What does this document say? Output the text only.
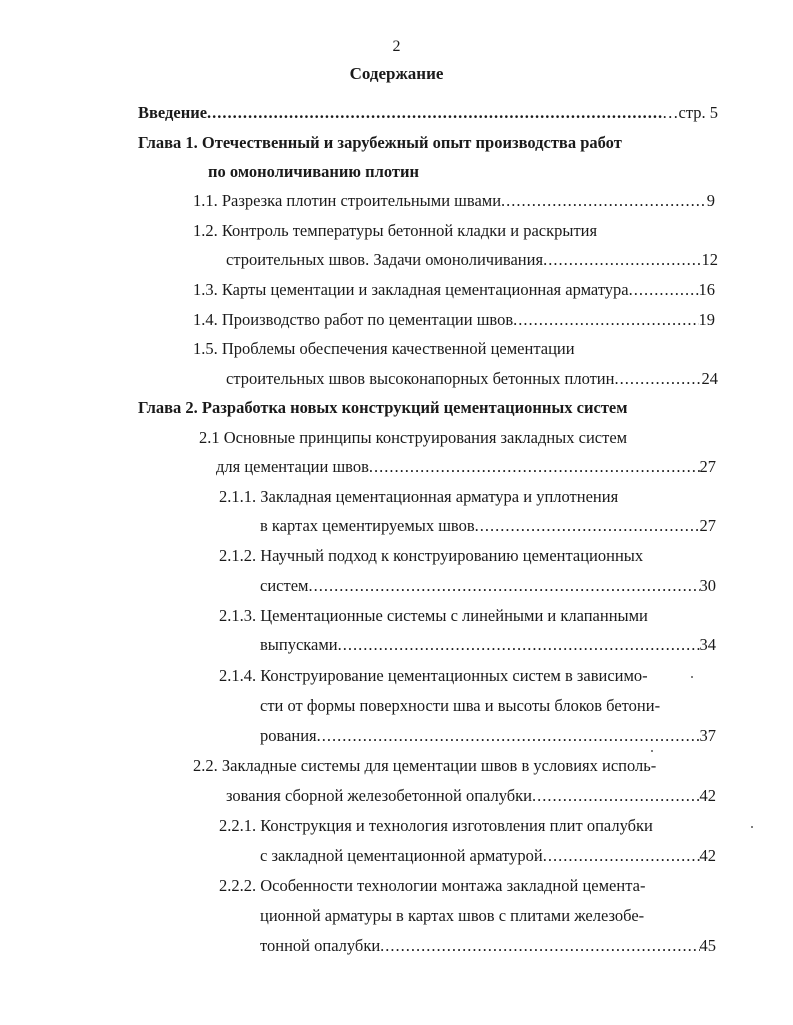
2
Содержание
Введение .....	…стр. 5
Глава 1. Отечественный и зарубежный опыт производства работ
по омоноличиванию плотин
1.1. Разрезка плотин строительными швами .....	9
1.2. Контроль температуры бетонной кладки и раскрытия
строительных швов. Задачи омоноличивания .....	12
1.3. Карты цементации и закладная цементационная арматура .....	16
1.4. Производство работ по цементации швов .....	19
1.5. Проблемы обеспечения качественной цементации
строительных швов высоконапорных бетонных плотин .....	24
Глава 2. Разработка новых конструкций цементационных систем
2.1 Основные принципы конструирования закладных систем
для цементации швов .....	27
2.1.1. Закладная цементационная арматура и уплотнения
в картах цементируемых швов .....	27
2.1.2. Научный подход к конструированию цементационных
систем .....	30
2.1.3. Цементационные системы с линейными и клапанными
выпусками .....	34
2.1.4. Конструирование цементационных систем в зависимо-
сти от формы поверхности шва и высоты блоков бетони-
рования .....	37
2.2. Закладные системы для цементации швов в условиях исполь-
зования сборной железобетонной опалубки .....	42
2.2.1. Конструкция и технология изготовления плит опалубки
с закладной цементационной арматурой .....	42
2.2.2. Особенности технологии монтажа закладной цемента-
ционной арматуры в картах швов с плитами железобе-
тонной опалубки .....	45
